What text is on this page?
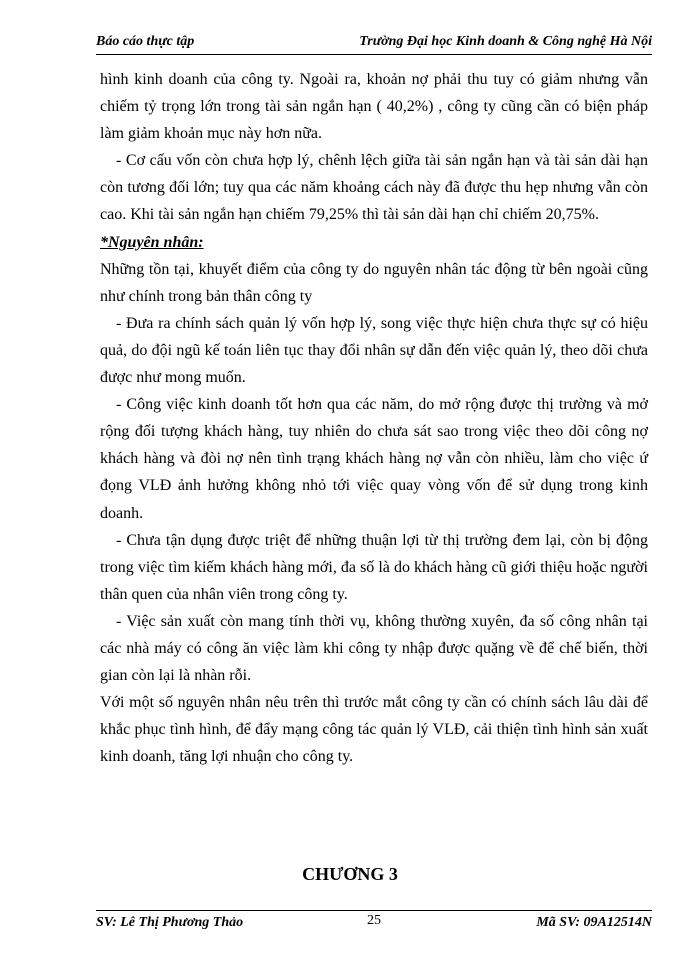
Báo cáo thực tập	Trường Đại học Kinh doanh & Công nghệ Hà Nội

hình kinh doanh của công ty. Ngoài ra, khoản nợ phải thu tuy có giảm nhưng vẫn chiếm tỷ trọng lớn trong tài sản ngắn hạn ( 40,2%) , công ty cũng cần có biện pháp làm giảm khoản mục này hơn nữa.

- Cơ cấu vốn còn chưa hợp lý, chênh lệch giữa tài sản ngắn hạn và tài sản dài hạn còn tương đối lớn; tuy qua các năm khoảng cách này đã được thu hẹp nhưng vẫn còn cao. Khi tài sản ngắn hạn chiếm 79,25% thì tài sản dài hạn chỉ chiếm 20,75%.

*Nguyên nhân:

Những tồn tại, khuyết điểm của công ty do nguyên nhân tác động từ bên ngoài cũng như chính trong bản thân công ty

- Đưa ra chính sách quản lý vốn hợp lý, song việc thực hiện chưa thực sự có hiệu quả, do đội ngũ kế toán liên tục thay đổi nhân sự dẫn đến việc quản lý, theo dõi chưa được như mong muốn.

- Công việc kinh doanh tốt hơn qua các năm, do mở rộng được thị trường và mở rộng đối tượng khách hàng, tuy nhiên do chưa sát sao trong việc theo dõi công nợ khách hàng và đòi nợ nên tình trạng khách hàng nợ vẫn còn nhiều, làm cho việc ứ đọng VLĐ ảnh hưởng không nhỏ tới việc quay vòng vốn để sử dụng trong kinh doanh.

- Chưa tận dụng được triệt để những thuận lợi từ thị trường đem lại, còn bị động trong việc tìm kiếm khách hàng mới, đa số là do khách hàng cũ giới thiệu hoặc người thân quen của nhân viên trong công ty.

- Việc sản xuất còn mang tính thời vụ, không thường xuyên, đa số công nhân tại các nhà máy có công ăn việc làm khi công ty nhập được quặng về để chế biến, thời gian còn lại là nhàn rỗi.

Với một số nguyên nhân nêu trên thì trước mắt công ty cần có chính sách lâu dài để khắc phục tình hình, để đẩy mạng công tác quản lý VLĐ, cải thiện tình hình sản xuất kinh doanh, tăng lợi nhuận cho công ty.

CHƯƠNG 3
SV: Lê Thị Phương Thảo	25	Mã SV: 09A12514N
